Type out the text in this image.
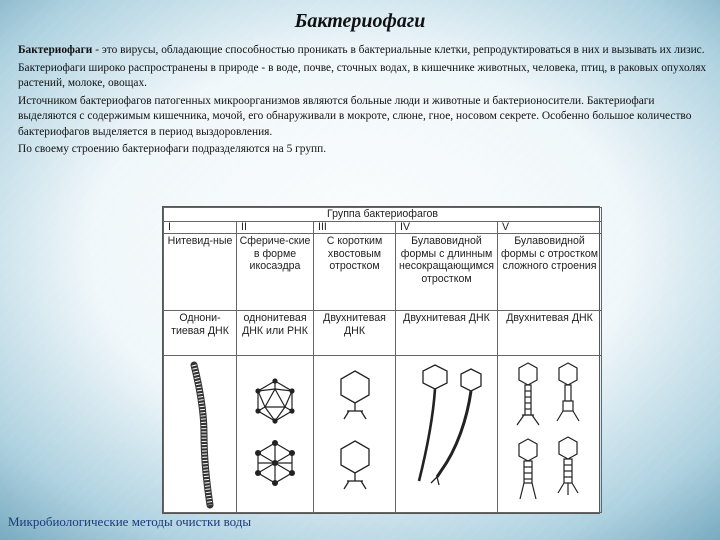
Бактериофаги

Бактериофаги - это вирусы, обладающие способностью проникать в бактериальные клетки, репродуктироваться в них и вызывать их лизис.

Бактериофаги широко распространены в природе - в воде, почве, сточных водах, в кишечнике животных, человека, птиц, в раковых опухолях растений, молоке, овощах.

Источником бактериофагов патогенных микроорганизмов являются больные люди и животные и бактерионосители. Бактериофаги выделяются с содержимым кишечника, мочой, его обнаруживали в мокроте, слюне, гное, носовом секрете. Особенно большое количество бактериофагов выделяется в период выздоровления.

По своему строению бактериофаги подразделяются на 5 групп.

Группа бактериофагов				
I	II	III	IV	V
Нитевид-ные	Сфериче-ские в форме икосаэдра	С коротким хвостовым отростком	Булавовидной формы с длинным несокращающимся отростком	Булавовидной формы с отростком сложного строения
Однони-тиевая ДНК	однонитевая ДНК или РНК	Двухнитевая ДНК	Двухнитевая ДНК	Двухнитевая ДНК

Микробиологические методы очистки воды
